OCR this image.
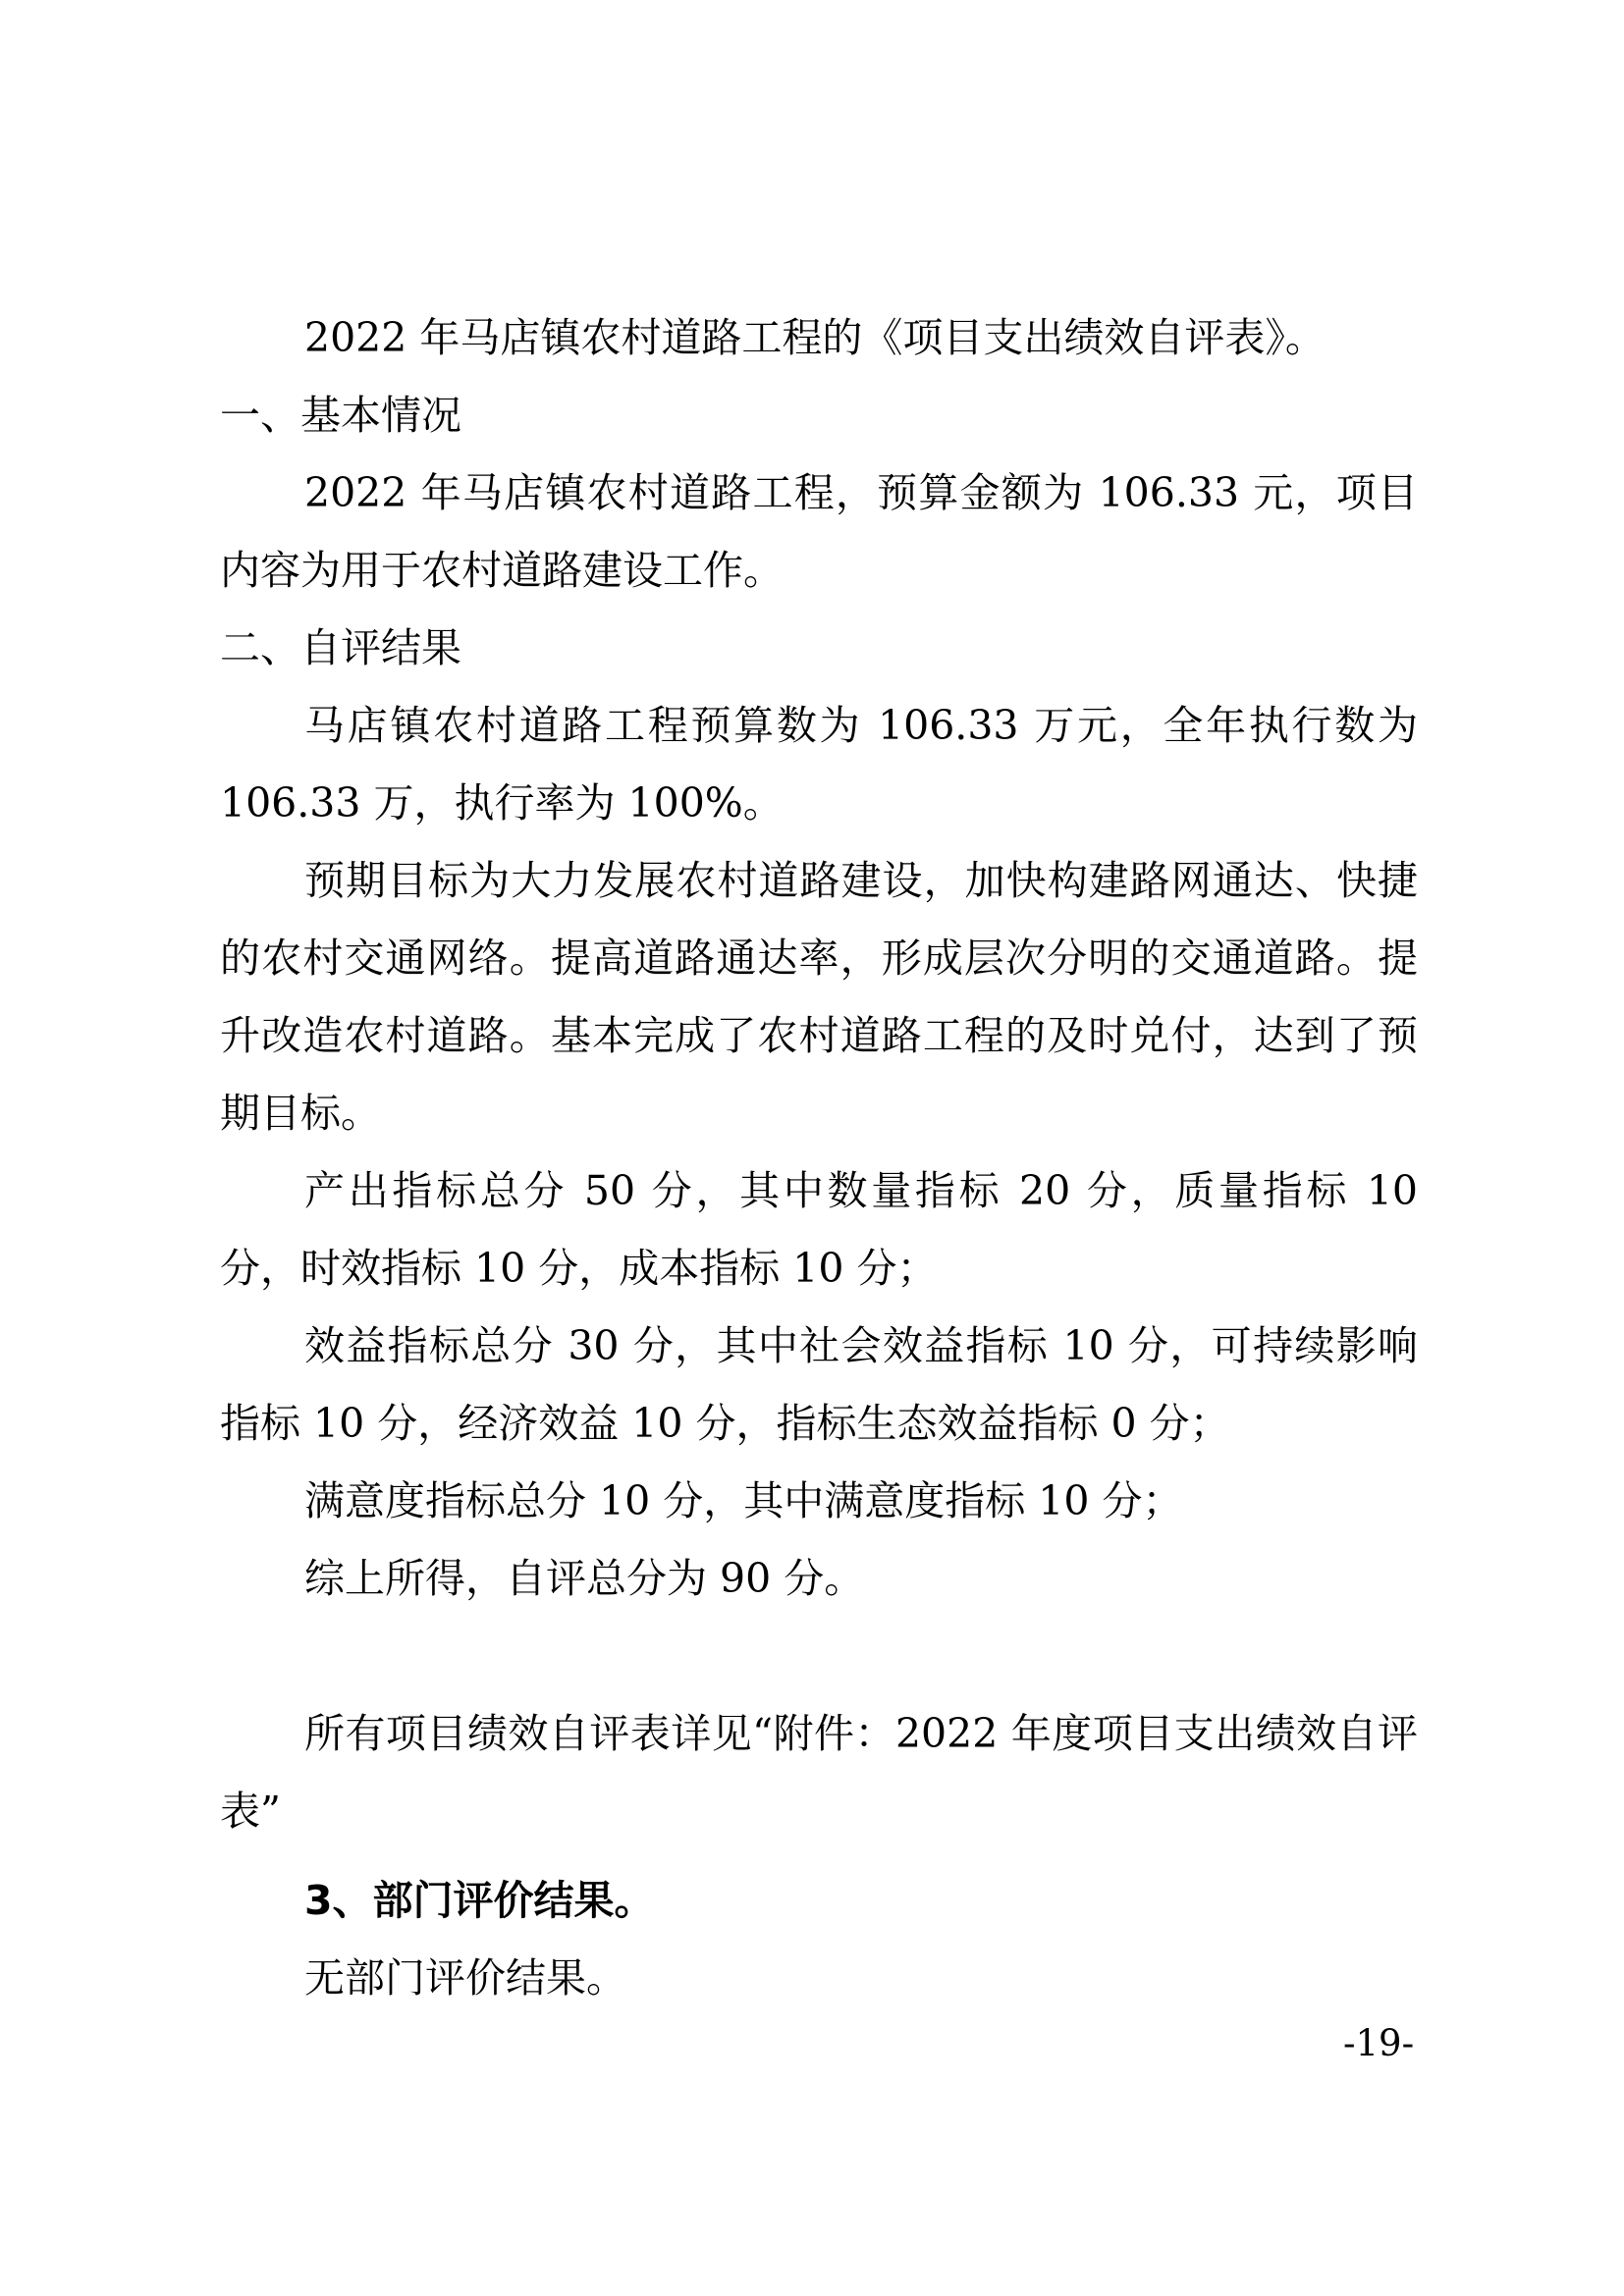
2022 年马店镇农村道路工程的《项目支出绩效自评表》。

一、基本情况

2022 年马店镇农村道路工程，预算金额为 106.33 元，项目内容为用于农村道路建设工作。

二、自评结果

马店镇农村道路工程预算数为 106.33 万元，全年执行数为 106.33 万，执行率为 100%。

预期目标为大力发展农村道路建设，加快构建路网通达、快捷的农村交通网络。提高道路通达率，形成层次分明的交通道路。提升改造农村道路。基本完成了农村道路工程的及时兑付，达到了预期目标。

产出指标总分 50 分，其中数量指标 20 分，质量指标 10 分，时效指标 10 分，成本指标 10 分；

效益指标总分 30 分，其中社会效益指标 10 分，可持续影响指标 10 分，经济效益 10 分，指标生态效益指标 0 分；

满意度指标总分 10 分，其中满意度指标 10 分；

综上所得，自评总分为 90 分。

所有项目绩效自评表详见“附件：2022 年度项目支出绩效自评表”

3、部门评价结果。

无部门评价结果。

-19-
